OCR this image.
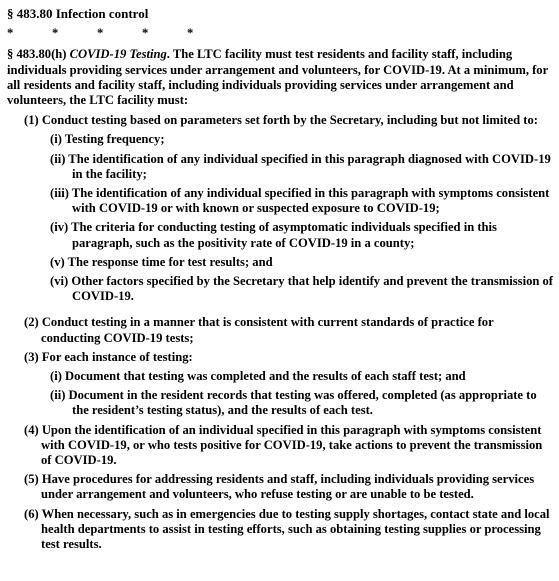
§ 483.80 Infection control
*	*	*	*	*

§ 483.80(h) COVID-19 Testing. The LTC facility must test residents and facility staff, including individuals providing services under arrangement and volunteers, for COVID-19. At a minimum, for all residents and facility staff, including individuals providing services under arrangement and volunteers, the LTC facility must:

(1) Conduct testing based on parameters set forth by the Secretary, including but not limited to:

(i) Testing frequency;

(ii) The identification of any individual specified in this paragraph diagnosed with COVID-19 in the facility;

(iii) The identification of any individual specified in this paragraph with symptoms consistent with COVID-19 or with known or suspected exposure to COVID-19;

(iv) The criteria for conducting testing of asymptomatic individuals specified in this paragraph, such as the positivity rate of COVID-19 in a county;

(v) The response time for test results; and

(vi) Other factors specified by the Secretary that help identify and prevent the transmission of COVID-19.

(2) Conduct testing in a manner that is consistent with current standards of practice for conducting COVID-19 tests;

(3) For each instance of testing:

(i) Document that testing was completed and the results of each staff test; and

(ii) Document in the resident records that testing was offered, completed (as appropriate to the resident’s testing status), and the results of each test.

(4) Upon the identification of an individual specified in this paragraph with symptoms consistent with COVID-19, or who tests positive for COVID-19, take actions to prevent the transmission of COVID-19.

(5) Have procedures for addressing residents and staff, including individuals providing services under arrangement and volunteers, who refuse testing or are unable to be tested.

(6) When necessary, such as in emergencies due to testing supply shortages, contact state and local health departments to assist in testing efforts, such as obtaining testing supplies or processing test results.
